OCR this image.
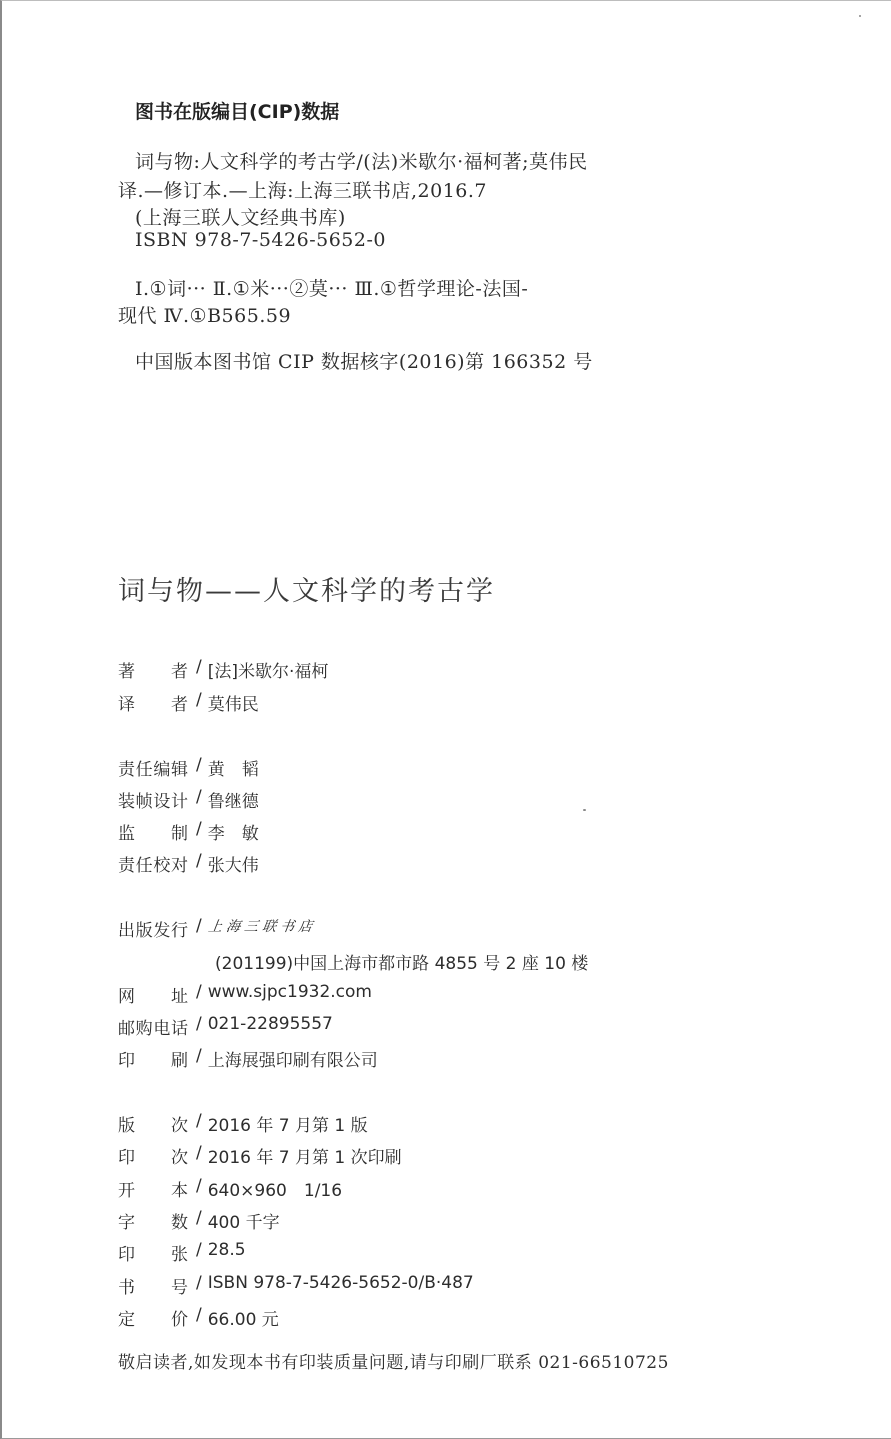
图书在版编目(CIP)数据
词与物:人文科学的考古学/(法)米歇尔·福柯著;莫伟民
译.—修订本.—上海:上海三联书店,2016.7
(上海三联人文经典书库)
ISBN 978-7-5426-5652-0
Ⅰ.①词··· Ⅱ.①米···②莫··· Ⅲ.①哲学理论-法国-
现代 Ⅳ.①B565.59
中国版本图书馆 CIP 数据核字(2016)第 166352 号
词与物——人文科学的考古学
著　者 / [法]米歇尔·福柯
译　者 / 莫伟民
责任编辑 / 黄　韬
装帧设计 / 鲁继德
监　制 / 李　敏
责任校对 / 张大伟
出版发行 / 上海三联书店
(201199)中国上海市都市路 4855 号 2 座 10 楼
网　址 / www.sjpc1932.com
邮购电话 / 021-22895557
印　刷 / 上海展强印刷有限公司
版　次 / 2016 年 7 月第 1 版
印　次 / 2016 年 7 月第 1 次印刷
开　本 / 640×960　1/16
字　数 / 400 千字
印　张 / 28.5
书　号 / ISBN 978-7-5426-5652-0/B·487
定　价 / 66.00 元
敬启读者,如发现本书有印装质量问题,请与印刷厂联系 021-66510725
